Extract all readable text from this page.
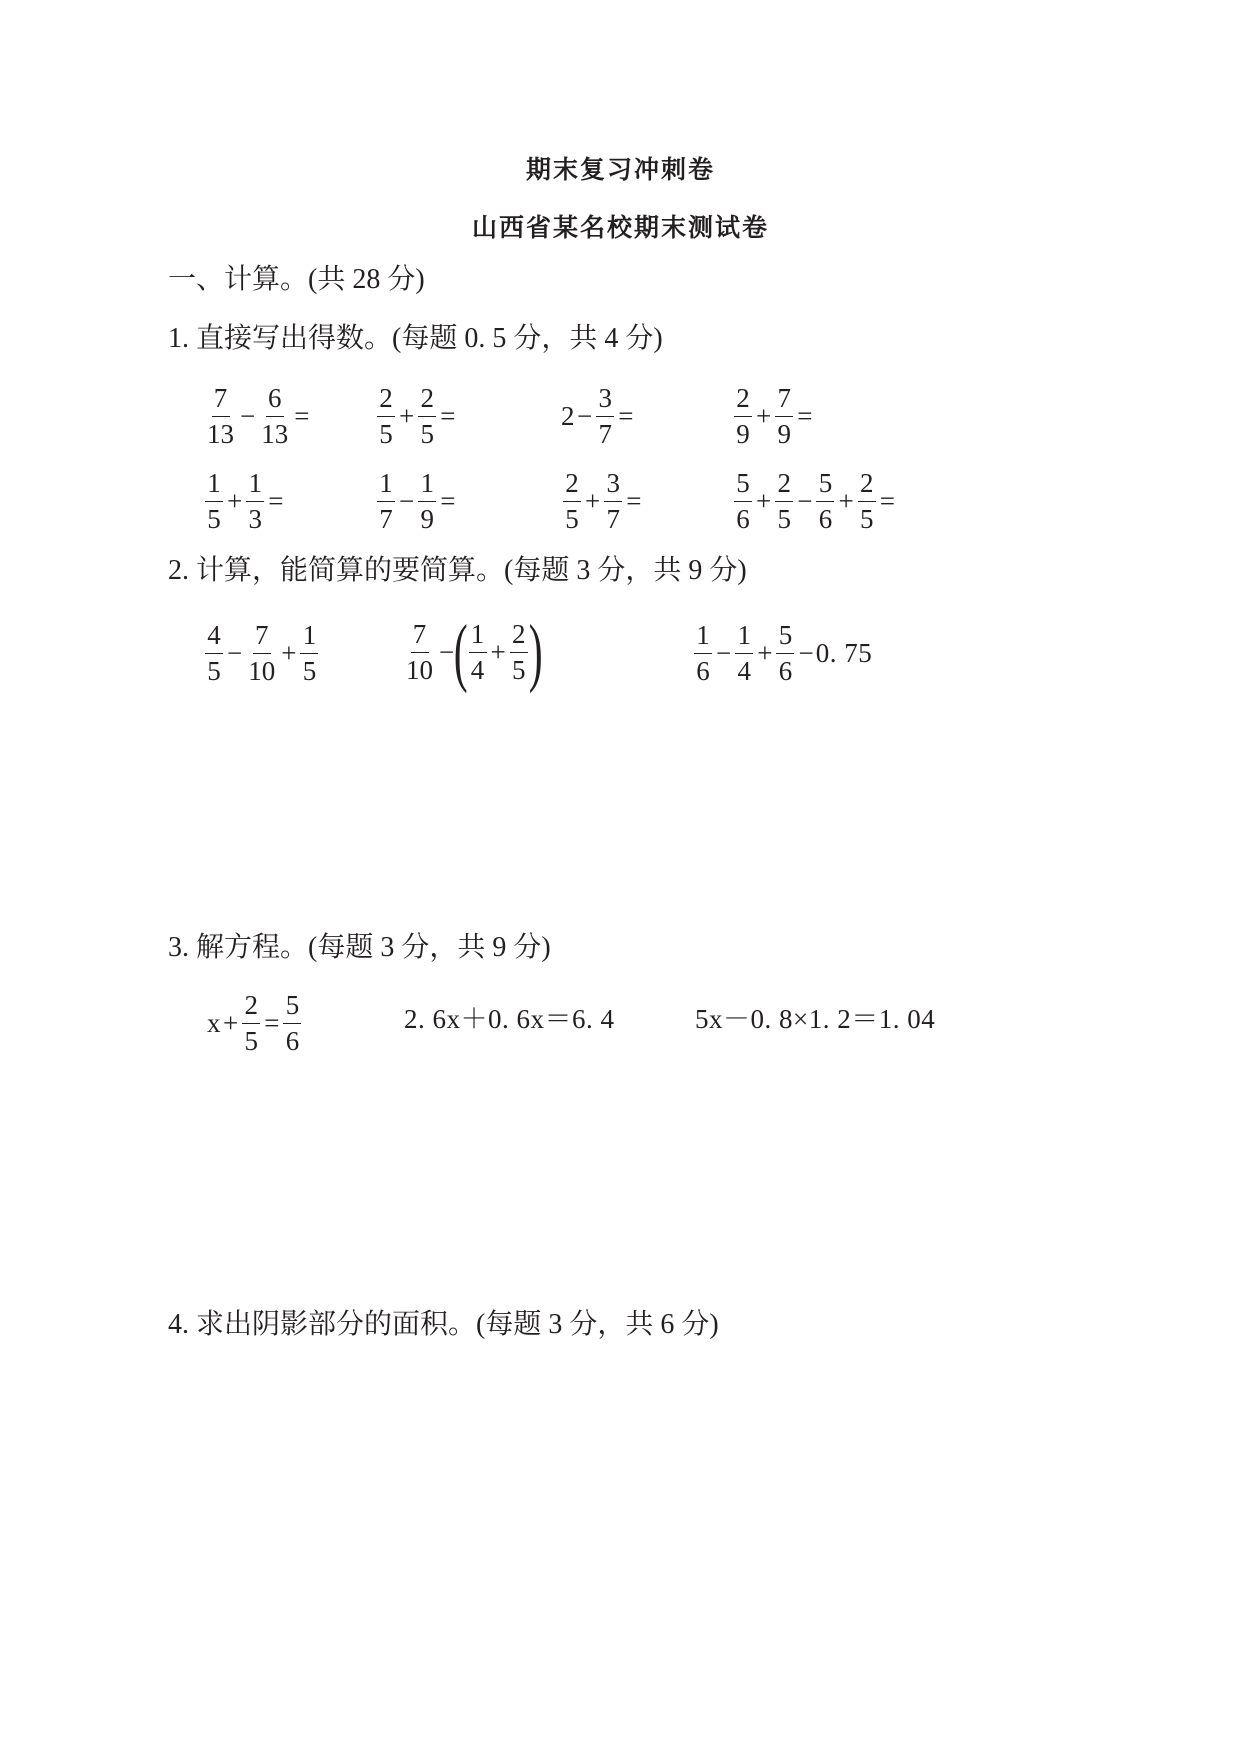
期末复习冲刺卷
山西省某名校期末测试卷
一、计算。(共 28 分)
1. 直接写出得数。(每题 0. 5 分，共 4 分)
$\frac{7}{13} - \frac{6}{13}$ =	$\frac{2}{5} + \frac{2}{5}$ =	$2 - \frac{3}{7}$ =	$\frac{2}{9} + \frac{7}{9}$ =
$\frac{1}{5} + \frac{1}{3}$ =	$\frac{1}{7} - \frac{1}{9}$ =	$\frac{2}{5} + \frac{3}{7}$ =	$\frac{5}{6} + \frac{2}{5} - \frac{5}{6} + \frac{2}{5}$ =
2. 计算，能简算的要简算。(每题 3 分，共 9 分)
$\frac{4}{5} - \frac{7}{10} + \frac{1}{5}$	$\frac{7}{10}$ − ( $\frac{1}{4} + \frac{2}{5}$ )	$\frac{1}{6} - \frac{1}{4} + \frac{5}{6} - 0$. 75
3. 解方程。(每题 3 分，共 9 分)
$x + \frac{2}{5} = \frac{5}{6}$	2. 6x＋0. 6x＝6. 4	5x－0. 8×1. 2＝1. 04
4. 求出阴影部分的面积。(每题 3 分，共 6 分)
